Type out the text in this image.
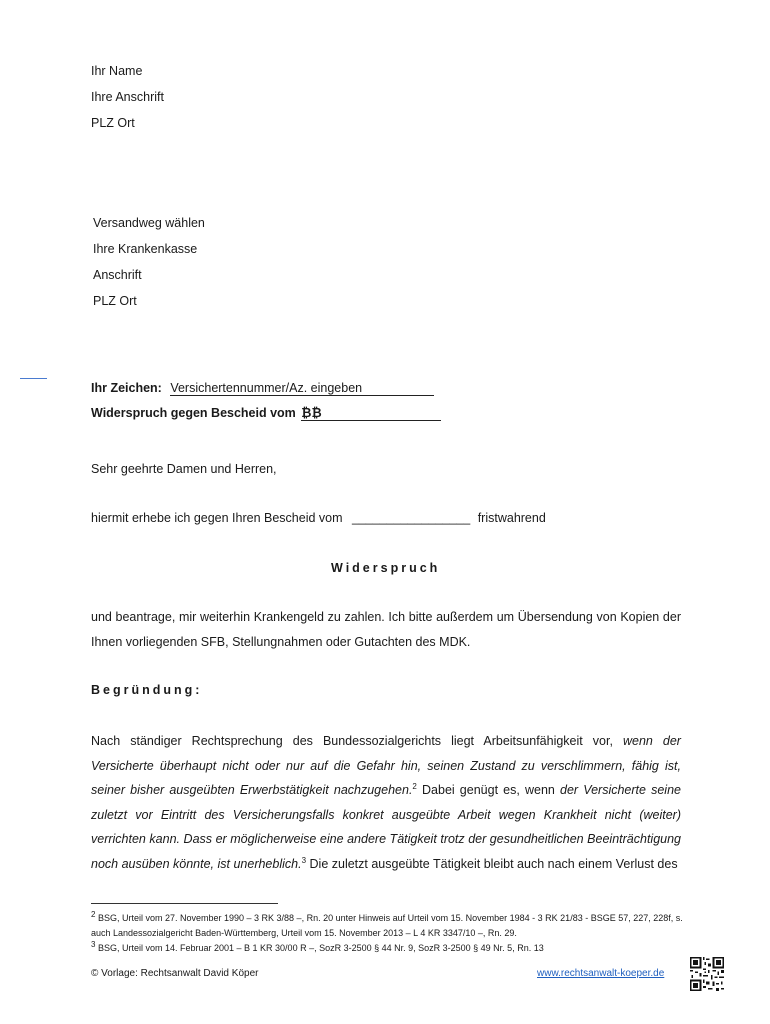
Ihr Name
Ihre Anschrift
PLZ Ort
Versandweg wählen
Ihre Krankenkasse
Anschrift
PLZ Ort
Ihr Zeichen: Versichertennummer/Az. eingeben
Widerspruch gegen Bescheid vom ₿₿
Sehr geehrte Damen und Herren,
hiermit erhebe ich gegen Ihren Bescheid vom _________________ fristwahrend
Widerspruch
und beantrage, mir weiterhin Krankengeld zu zahlen. Ich bitte außerdem um Übersendung von Kopien der Ihnen vorliegenden SFB, Stellungnahmen oder Gutachten des MDK.
Begründung:
Nach ständiger Rechtsprechung des Bundessozialgerichts liegt Arbeitsunfähigkeit vor, wenn der Versicherte überhaupt nicht oder nur auf die Gefahr hin, seinen Zustand zu verschlimmern, fähig ist, seiner bisher ausgeübten Erwerbstätigkeit nachzugehen.$^2$ Dabei genügt es, wenn der Versicherte seine zuletzt vor Eintritt des Versicherungsfalls konkret ausgeübte Arbeit wegen Krankheit nicht (weiter) verrichten kann. Dass er möglicherweise eine andere Tätigkeit trotz der gesundheitlichen Beeinträchtigung noch ausüben könnte, ist unerheblich.$^3$ Die zuletzt ausgeübte Tätigkeit bleibt auch nach einem Verlust des
$^2$ BSG, Urteil vom 27. November 1990 – 3 RK 3/88 –, Rn. 20 unter Hinweis auf Urteil vom 15. November 1984 - 3 RK 21/83 - BSGE 57, 227, 228f, s. auch Landessozialgericht Baden-Württemberg, Urteil vom 15. November 2013 – L 4 KR 3347/10 –, Rn. 29.
$^3$ BSG, Urteil vom 14. Februar 2001 – B 1 KR 30/00 R –, SozR 3-2500 § 44 Nr. 9, SozR 3-2500 § 49 Nr. 5, Rn. 13
© Vorlage: Rechtsanwalt David Köper	www.rechtsanwalt-koeper.de
